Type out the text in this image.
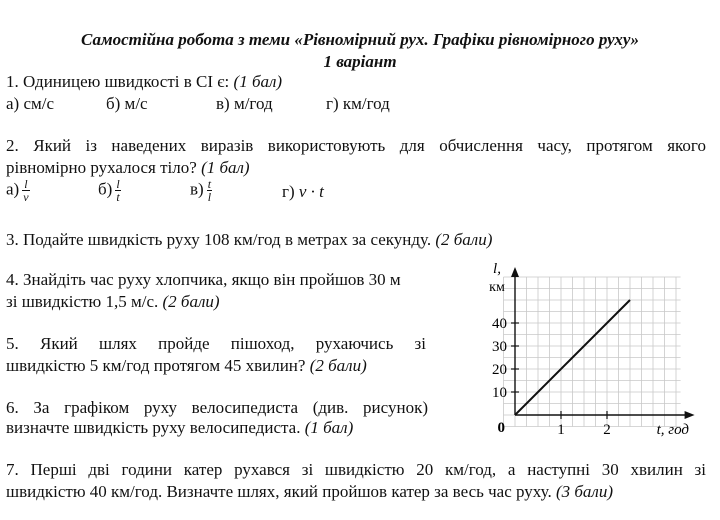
Самостійна робота з теми «Рівномірний рух. Графіки рівномірного руху»
1 варіант
1. Одиницею швидкості в СІ є: (1 бал)
а) см/с	б) м/с	в) м/год	г) км/год
2. Який із наведених виразів використовують для обчислення часу, протягом якого
рівномірно рухалося тіло? (1 бал)
$а) \frac{l}{v}$	$б) \frac{l}{t}$	$в) \frac{t}{l}$	г) v · t
3. Подайте швидкість руху 108 км/год в метрах за секунду. (2 бали)
4. Знайдіть час руху хлопчика, якщо він пройшов 30 м
зі швидкістю 1,5 м/с. (2 бали)
5. Який шлях пройде пішоход, рухаючись зі
швидкістю 5 км/год протягом 45 хвилин? (2 бали)
6. За графіком руху велосипедиста (див. рисунок)
визначте швидкість руху велосипедиста. (1 бал)
7. Перші дві години катер рухався зі швидкістю 20 км/год, а наступні 30 хвилин зі
швидкістю 40 км/год. Визначте шлях, який пройшов катер за весь час руху. (3 бали)
10
20
30
40
1	2
0
l,
км
t, год
